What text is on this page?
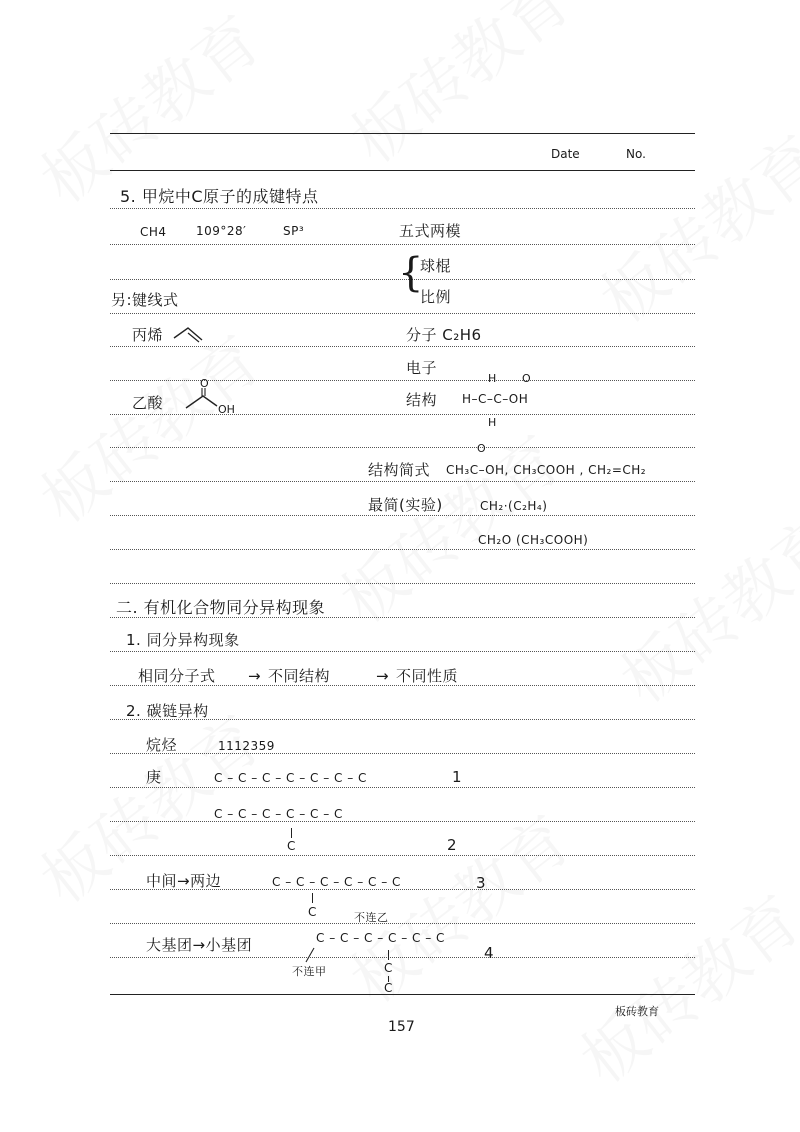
Date	No.
5. 甲烷中C原子的成键特点
CH4 109°28′	SP³	五式两模
{
球棍
比例
另:键线式
丙烯	分子 C₂H6
电子
乙酸
O
OH
结构
H O
H–C–C–OH
H
O
结构简式 CH₃C–OH, CH₃COOH , CH₂=CH₂
最简(实验)	CH₂·(C₂H₄)
CH₂O (CH₃COOH)
二. 有机化合物同分异构现象
1. 同分异构现象
相同分子式 → 不同结构	→ 不同性质
2. 碳链异构
烷烃	1112359
庚	C – C – C – C – C – C – C	1
C – C – C – C – C – C
C	2
中间→两边	C – C – C – C – C – C
C
3
不连乙
大基团→小基团	C – C – C – C – C – C
4
不连甲	C
C
157
板砖教育
